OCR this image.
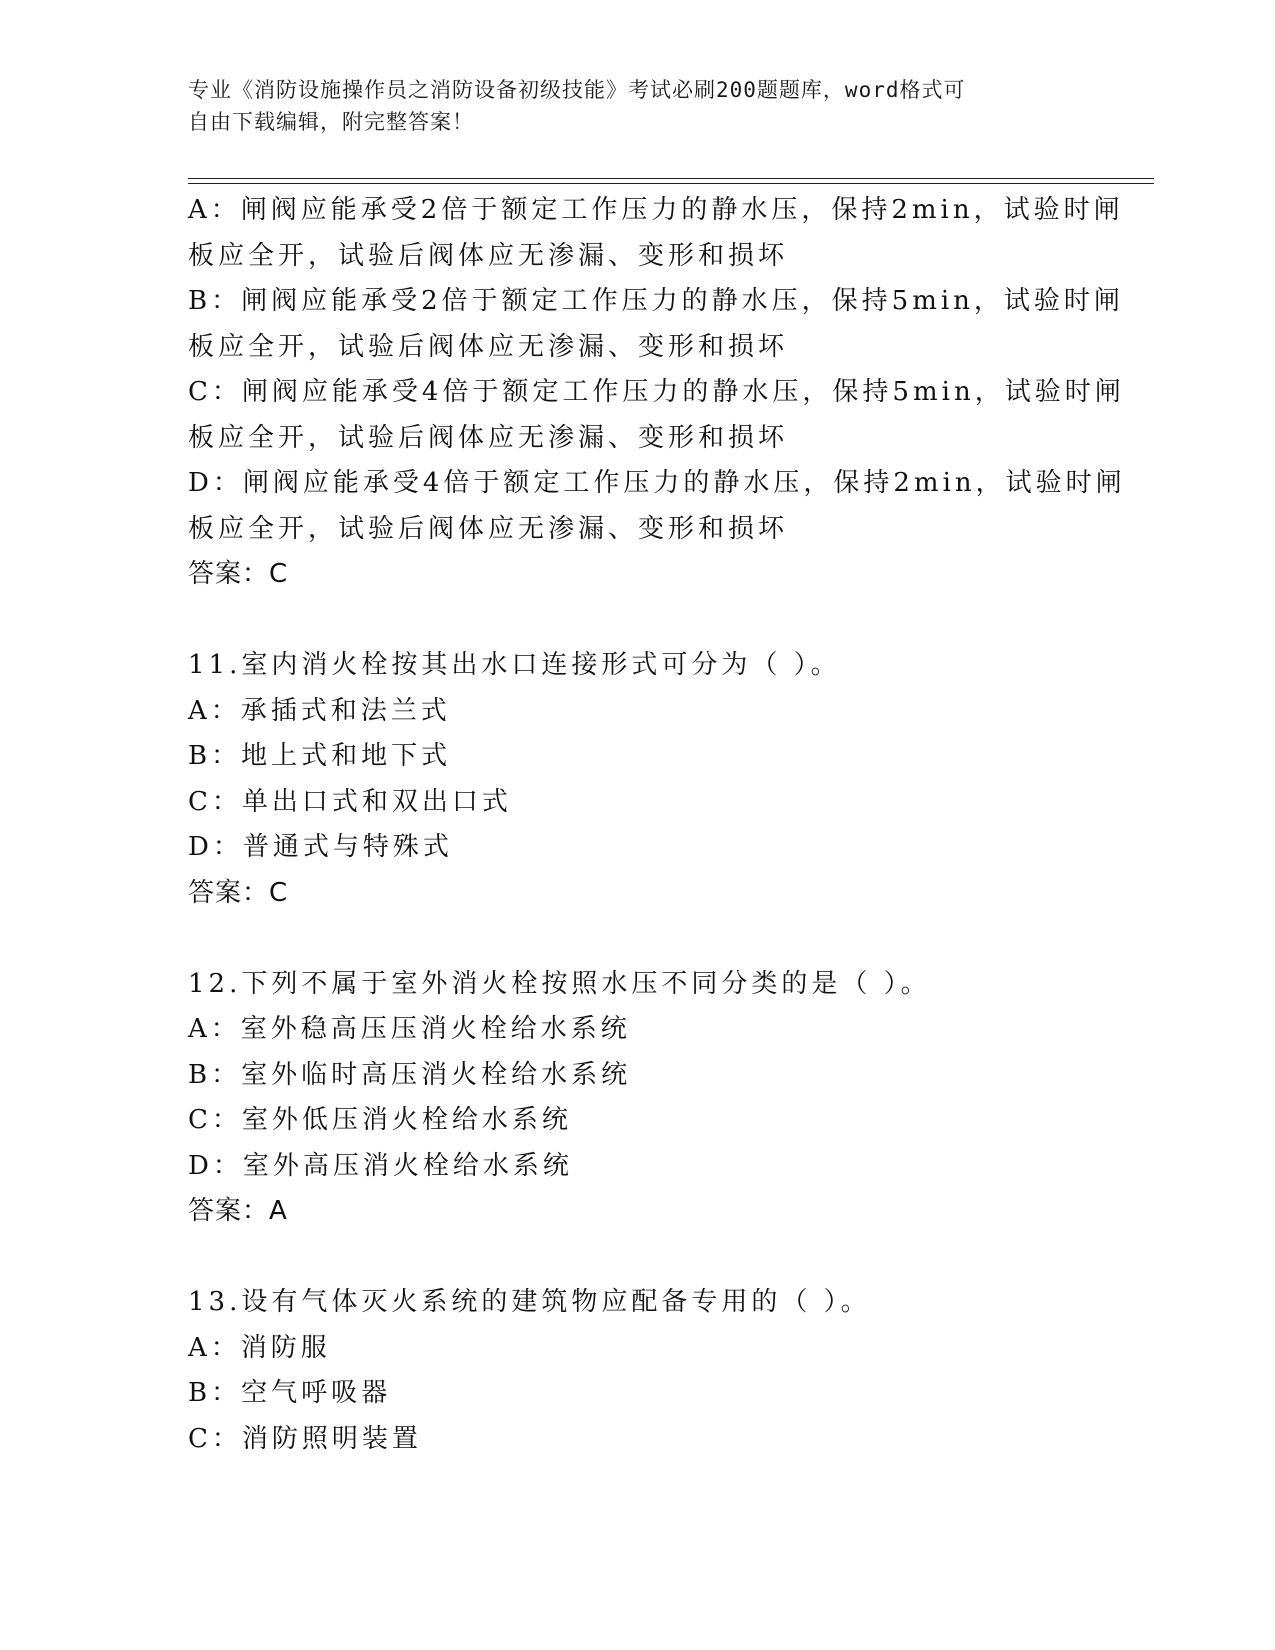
专业《消防设施操作员之消防设备初级技能》考试必刷200题题库，word格式可
自由下载编辑，附完整答案！
A：闸阀应能承受2倍于额定工作压力的静水压，保持2min，试验时闸
板应全开，试验后阀体应无渗漏、变形和损坏
B：闸阀应能承受2倍于额定工作压力的静水压，保持5min，试验时闸
板应全开，试验后阀体应无渗漏、变形和损坏
C：闸阀应能承受4倍于额定工作压力的静水压，保持5min，试验时闸
板应全开，试验后阀体应无渗漏、变形和损坏
D：闸阀应能承受4倍于额定工作压力的静水压，保持2min，试验时闸
板应全开，试验后阀体应无渗漏、变形和损坏
答案：C
11.室内消火栓按其出水口连接形式可分为（ ）。
A：承插式和法兰式
B：地上式和地下式
C：单出口式和双出口式
D：普通式与特殊式
答案：C
12.下列不属于室外消火栓按照水压不同分类的是（ ）。
A：室外稳高压压消火栓给水系统
B：室外临时高压消火栓给水系统
C：室外低压消火栓给水系统
D：室外高压消火栓给水系统
答案：A
13.设有气体灭火系统的建筑物应配备专用的（ ）。
A：消防服
B：空气呼吸器
C：消防照明装置
